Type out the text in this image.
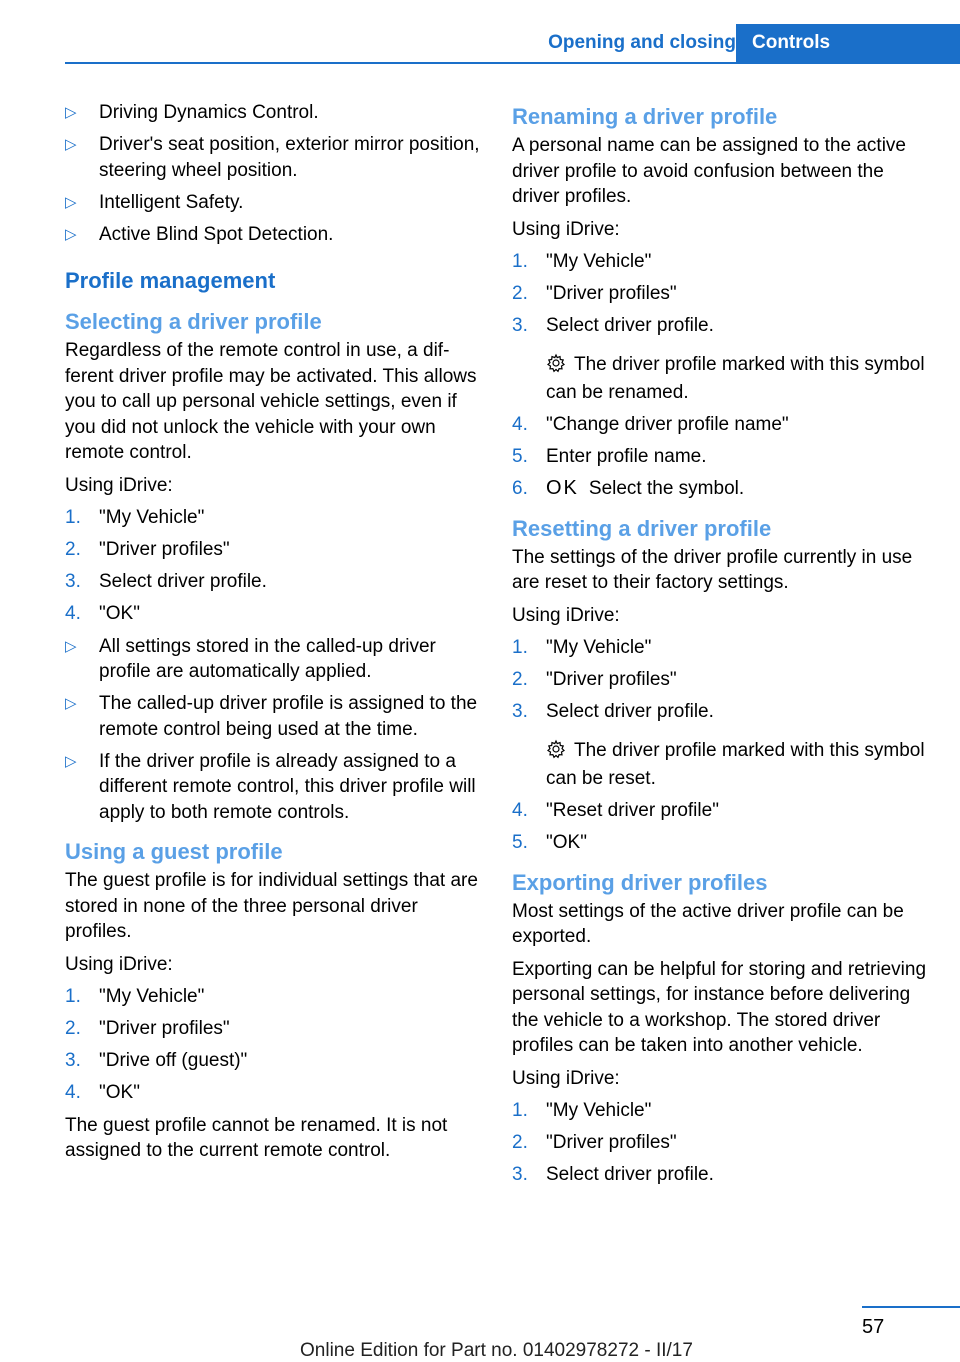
Opening and closing Controls
▷ Driving Dynamics Control.
▷ Driver's seat position, exterior mirror position, steering wheel position.
▷ Intelligent Safety.
▷ Active Blind Spot Detection.
Profile management
Selecting a driver profile

Regardless of the remote control in use, a different driver profile may be activated. This allows you to call up personal vehicle settings, even if you did not unlock the vehicle with your own remote control.

Using iDrive:

1. "My Vehicle"
2. "Driver profiles"
3. Select driver profile.
4. "OK"
▷ All settings stored in the called-up driver profile are automatically applied.
▷ The called-up driver profile is assigned to the remote control being used at the time.
▷ If the driver profile is already assigned to a different remote control, this driver profile will apply to both remote controls.
Using a guest profile

The guest profile is for individual settings that are stored in none of the three personal driver profiles.

Using iDrive:

1. "My Vehicle"
2. "Driver profiles"
3. "Drive off (guest)"
4. "OK"

The guest profile cannot be renamed. It is not assigned to the current remote control.

Renaming a driver profile

A personal name can be assigned to the active driver profile to avoid confusion between the driver profiles.

Using iDrive:

1. "My Vehicle"
2. "Driver profiles"
3. Select driver profile.
The driver profile marked with this symbol can be renamed.
4. "Change driver profile name"
5. Enter profile name.
6. OK Select the symbol.
Resetting a driver profile

The settings of the driver profile currently in use are reset to their factory settings.

Using iDrive:

1. "My Vehicle"
2. "Driver profiles"
3. Select driver profile.
The driver profile marked with this symbol can be reset.
4. "Reset driver profile"
5. "OK"
Exporting driver profiles

Most settings of the active driver profile can be exported.

Exporting can be helpful for storing and retrieving personal settings, for instance before delivering the vehicle to a workshop. The stored driver profiles can be taken into another vehicle.

Using iDrive:

1. "My Vehicle"
2. "Driver profiles"
3. Select driver profile.
57
Online Edition for Part no. 01402978272 - II/17
